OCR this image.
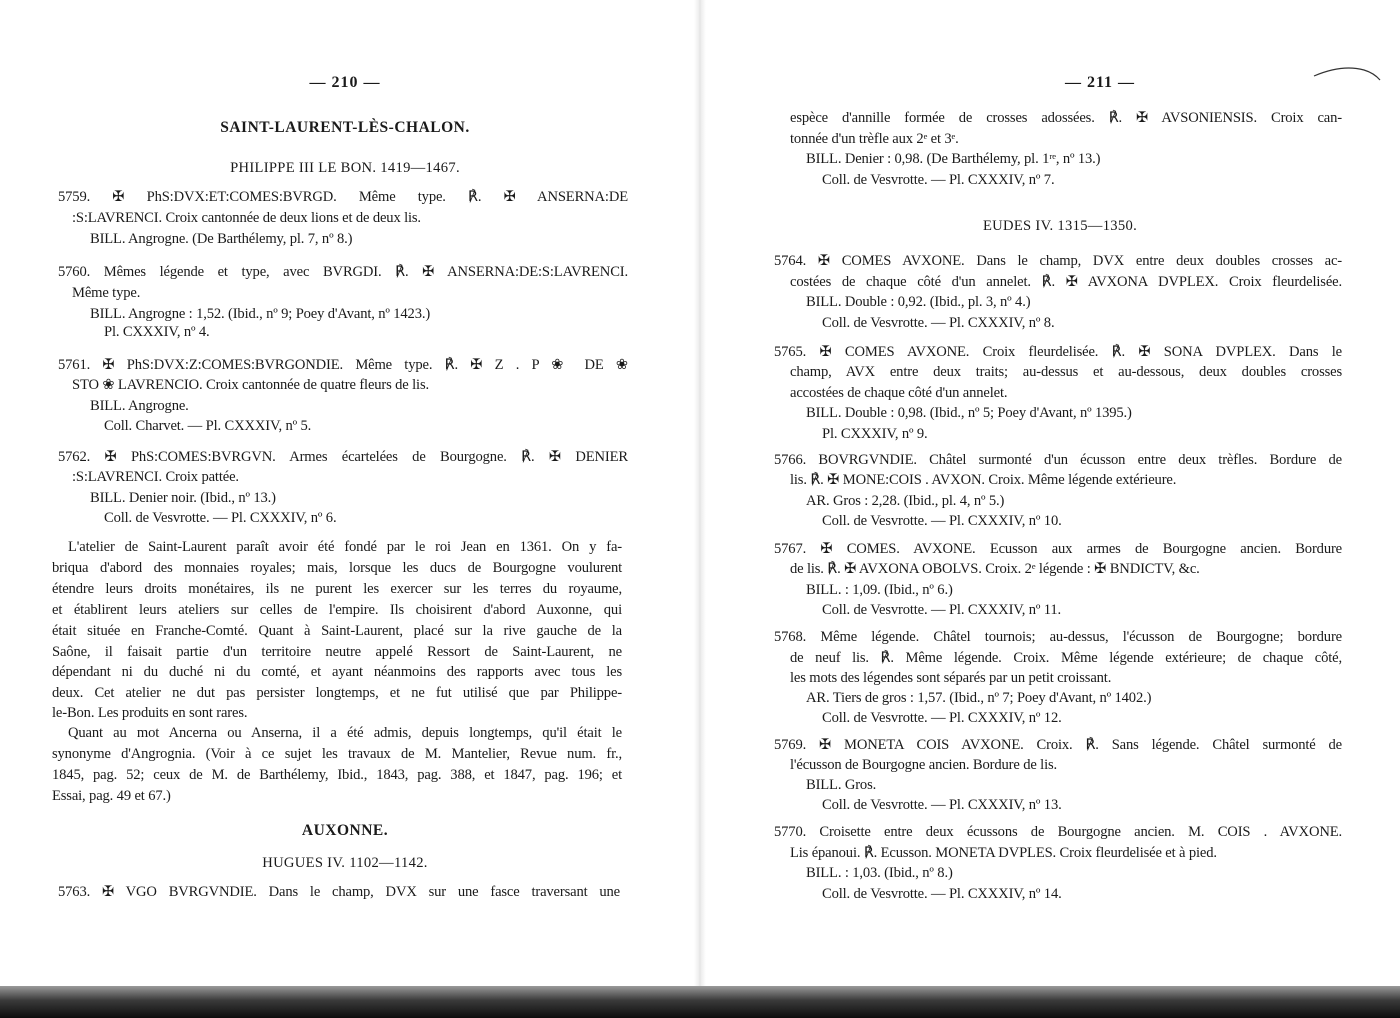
— 210 —
SAINT-LAURENT-LÈS-CHALON.
PHILIPPE III LE BON. 1419—1467.
5759. ✠ PhS:DVX:ET:COMES:BVRGD. Même type. ℟. ✠ ANSERNA:DE
:S:LAVRENCI. Croix cantonnée de deux lions et de deux lis.
BILL. Angrogne. (De Barthélemy, pl. 7, nº 8.)
5760. Mêmes légende et type, avec BVRGDI. ℟. ✠ ANSERNA:DE:S:LAVRENCI.
Même type.
BILL. Angrogne : 1,52. (Ibid., nº 9; Poey d'Avant, nº 1423.)
Pl. CXXXIV, nº 4.
5761. ✠ PhS:DVX:Z:COMES:BVRGONDIE. Même type. ℟. ✠ Z . P ❀ DE ❀
STO ❀ LAVRENCIO. Croix cantonnée de quatre fleurs de lis.
BILL. Angrogne.
Coll. Charvet. — Pl. CXXXIV, nº 5.
5762. ✠ PhS:COMES:BVRGVN. Armes écartelées de Bourgogne. ℟. ✠ DENIER
:S:LAVRENCI. Croix pattée.
BILL. Denier noir. (Ibid., nº 13.)
Coll. de Vesvrotte. — Pl. CXXXIV, nº 6.
L'atelier de Saint-Laurent paraît avoir été fondé par le roi Jean en 1361. On y fa-
briqua d'abord des monnaies royales; mais, lorsque les ducs de Bourgogne voulurent
étendre leurs droits monétaires, ils ne purent les exercer sur les terres du royaume,
et établirent leurs ateliers sur celles de l'empire. Ils choisirent d'abord Auxonne, qui
était située en Franche-Comté. Quant à Saint-Laurent, placé sur la rive gauche de la
Saône, il faisait partie d'un territoire neutre appelé Ressort de Saint-Laurent, ne
dépendant ni du duché ni du comté, et ayant néanmoins des rapports avec tous les
deux. Cet atelier ne dut pas persister longtemps, et ne fut utilisé que par Philippe-
le-Bon. Les produits en sont rares.
Quant au mot Ancerna ou Anserna, il a été admis, depuis longtemps, qu'il était le
synonyme d'Angrognia. (Voir à ce sujet les travaux de M. Mantelier, Revue num. fr.,
1845, pag. 52; ceux de M. de Barthélemy, Ibid., 1843, pag. 388, et 1847, pag. 196; et
Essai, pag. 49 et 67.)
AUXONNE.
HUGUES IV. 1102—1142.
5763. ✠ VGO BVRGVNDIE. Dans le champ, DVX sur une fasce traversant une
— 211 —
espèce d'annille formée de crosses adossées. ℟. ✠ AVSONIENSIS. Croix can-
tonnée d'un trèfle aux 2ᵉ et 3ᵉ.
BILL. Denier : 0,98. (De Barthélemy, pl. 1ʳᵉ, nº 13.)
Coll. de Vesvrotte. — Pl. CXXXIV, nº 7.
EUDES IV. 1315—1350.
5764. ✠ COMES AVXONE. Dans le champ, DVX entre deux doubles crosses ac-
costées de chaque côté d'un annelet. ℟. ✠ AVXONA DVPLEX. Croix fleurdelisée.
BILL. Double : 0,92. (Ibid., pl. 3, nº 4.)
Coll. de Vesvrotte. — Pl. CXXXIV, nº 8.
5765. ✠ COMES AVXONE. Croix fleurdelisée. ℟. ✠ SONA DVPLEX. Dans le
champ, AVX entre deux traits; au-dessus et au-dessous, deux doubles crosses
accostées de chaque côté d'un annelet.
BILL. Double : 0,98. (Ibid., nº 5; Poey d'Avant, nº 1395.)
Pl. CXXXIV, nº 9.
5766. BOVRGVNDIE. Châtel surmonté d'un écusson entre deux trèfles. Bordure de
lis. ℟. ✠ MONE:COIS . AVXON. Croix. Même légende extérieure.
AR. Gros : 2,28. (Ibid., pl. 4, nº 5.)
Coll. de Vesvrotte. — Pl. CXXXIV, nº 10.
5767. ✠ COMES. AVXONE. Ecusson aux armes de Bourgogne ancien. Bordure
de lis. ℟. ✠ AVXONA OBOLVS. Croix. 2ᵉ légende : ✠ BNDICTV, &c.
BILL. : 1,09. (Ibid., nº 6.)
Coll. de Vesvrotte. — Pl. CXXXIV, nº 11.
5768. Même légende. Châtel tournois; au-dessus, l'écusson de Bourgogne; bordure
de neuf lis. ℟. Même légende. Croix. Même légende extérieure; de chaque côté,
les mots des légendes sont séparés par un petit croissant.
AR. Tiers de gros : 1,57. (Ibid., nº 7; Poey d'Avant, nº 1402.)
Coll. de Vesvrotte. — Pl. CXXXIV, nº 12.
5769. ✠ MONETA COIS AVXONE. Croix. ℟. Sans légende. Châtel surmonté de
l'écusson de Bourgogne ancien. Bordure de lis.
BILL. Gros.
Coll. de Vesvrotte. — Pl. CXXXIV, nº 13.
5770. Croisette entre deux écussons de Bourgogne ancien. M. COIS . AVXONE.
Lis épanoui. ℟. Ecusson. MONETA DVPLES. Croix fleurdelisée et à pied.
BILL. : 1,03. (Ibid., nº 8.)
Coll. de Vesvrotte. — Pl. CXXXIV, nº 14.
